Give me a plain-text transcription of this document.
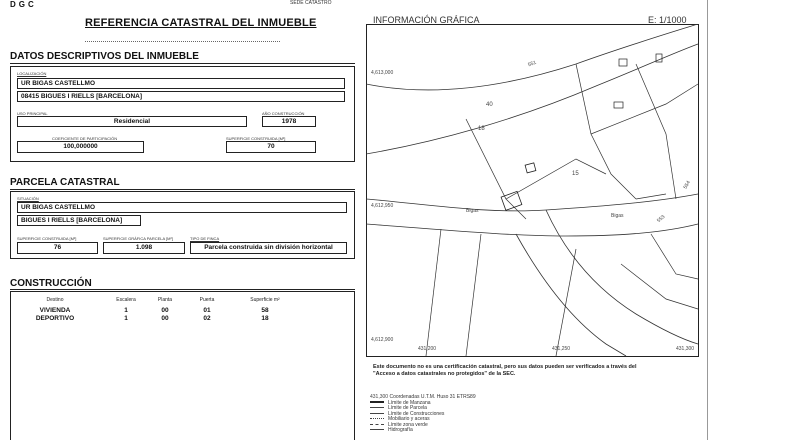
DGC	SEDE CATASTRO
REFERENCIA CATASTRAL DEL INMUEBLE
DATOS DESCRIPTIVOS DEL INMUEBLE
LOCALIZACIÓN
UR BIGAS CASTELLMO
08415 BIGUES I RIELLS [BARCELONA]
USO PRINCIPAL
Residencial
AÑO CONSTRUCCIÓN
1978
COEFICIENTE DE PARTICIPACIÓN
100,000000
SUPERFICIE CONSTRUIDA [M²]
70
PARCELA CATASTRAL
SITUACIÓN
UR BIGAS CASTELLMO
BIGUES I RIELLS [BARCELONA]
SUPERFICIE CONSTRUIDA [M²]
76
SUPERFICIE GRÁFICA PARCELA [M²]
1.098
TIPO DE FINCA
Parcela construida sin división horizontal
CONSTRUCCIÓN
Destino	Escalera	Planta	Puerta	Superficie m²
VIVIENDA	1	00	01	58
DEPORTIVO	1	00	02	18
INFORMACIÓN GRÁFICA	E: 1/1000
4,613,000
4,612,950
4,612,900
431,200	431,250	431,300
551
40
18
15
554
553
Bigas
Bigas
Este documento no es una certificación catastral, pero sus datos pueden ser verificados a través del
"Acceso a datos catastrales no protegidos" de la SEC.
431,300 Coordenadas U.T.M. Huso 31 ETRS89
Límite de Manzana
Límite de Parcela
Límite de Construcciones
Mobiliario y aceras
Límite zona verde
Hidrografía
